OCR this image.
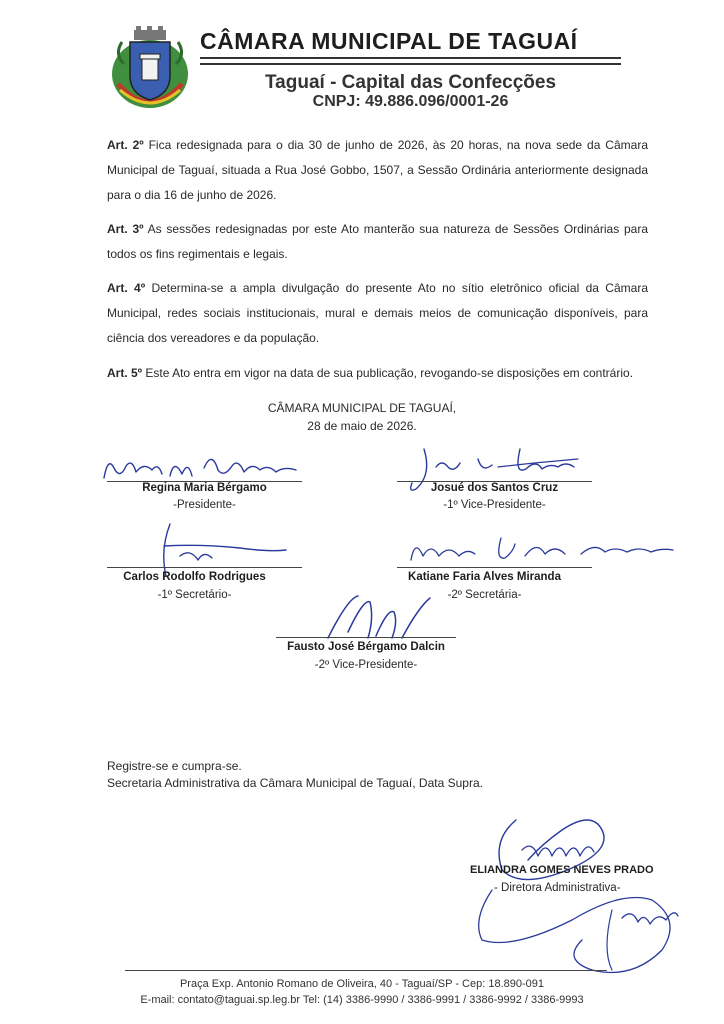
CÂMARA MUNICIPAL DE TAGUAÍ
Taguaí - Capital das Confecções
CNPJ: 49.886.096/0001-26
Art. 2º Fica redesignada para o dia 30 de junho de 2026, às 20 horas, na nova sede da Câmara Municipal de Taguaí, situada a Rua José Gobbo, 1507, a Sessão Ordinária anteriormente designada para o dia 16 de junho de 2026.
Art. 3º As sessões redesignadas por este Ato manterão sua natureza de Sessões Ordinárias para todos os fins regimentais e legais.
Art. 4º Determina-se a ampla divulgação do presente Ato no sítio eletrônico oficial da Câmara Municipal, redes sociais institucionais, mural e demais meios de comunicação disponíveis, para ciência dos vereadores e da população.
Art. 5º Este Ato entra em vigor na data de sua publicação, revogando-se disposições em contrário.
CÂMARA MUNICIPAL DE TAGUAÍ,
28 de maio de 2026.
Regina Maria Bérgamo
-Presidente-
Josué dos Santos Cruz
-1º Vice-Presidente-
Carlos Rodolfo Rodrigues
-1º Secretário-
Katiane Faria Alves Miranda
-2º Secretária-
Fausto José Bérgamo Dalcin
-2º Vice-Presidente-
Registre-se e cumpra-se.
Secretaria Administrativa da Câmara Municipal de Taguaí, Data Supra.
ELIANDRA GOMES NEVES PRADO
- Diretora Administrativa-
Praça Exp. Antonio Romano de Oliveira, 40 - Taguaí/SP - Cep: 18.890-091
E-mail: contato@taguai.sp.leg.br Tel: (14) 3386-9990 / 3386-9991 / 3386-9992 / 3386-9993
